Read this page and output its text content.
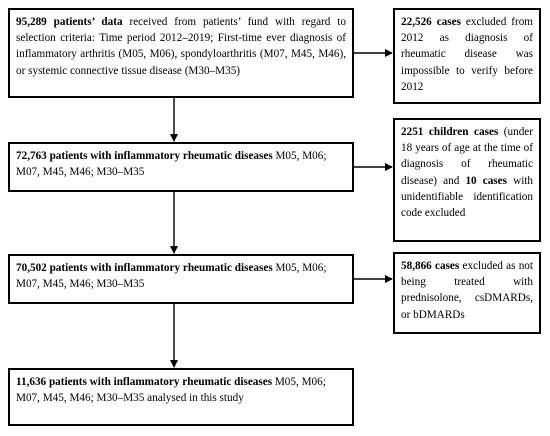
95,289 patients’ data received from patients’ fund with regard to selection criteria: Time period 2012–2019; First-time ever diagnosis of inflammatory arthritis (M05, M06), spondyloarthritis (M07, M45, M46), or systemic connective tissue disease (M30–M35)
72,763 patients with inflammatory rheumatic diseases M05, M06; M07, M45, M46; M30–M35
70,502 patients with inflammatory rheumatic diseases M05, M06; M07, M45, M46; M30–M35
11,636 patients with inflammatory rheumatic diseases M05, M06; M07, M45, M46; M30–M35 analysed in this study
22,526 cases excluded from 2012 as diagnosis of rheumatic disease was impossible to verify before 2012
2251 children cases (under 18 years of age at the time of diagnosis of rheumatic disease) and 10 cases with unidentifiable identification code excluded
58,866 cases excluded as not being treated with prednisolone, csDMARDs, or bDMARDs
